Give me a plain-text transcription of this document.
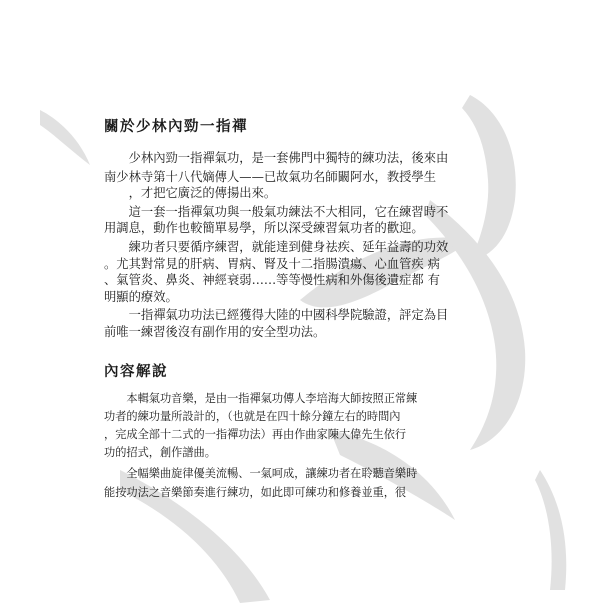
關於少林內勁一指禪
少林內勁一指禪氣功，是一套佛門中獨特的練功法，後來由
南少林寺第十八代嫡傳人——已故氣功名師闞阿水，教授學生
，才把它廣泛的傳揚出來。
這一套一指禪氣功與一般氣功練法不大相同，它在練習時不
用調息，動作也較簡單易學，所以深受練習氣功者的歡迎。
練功者只要循序練習，就能達到健身祛疾、延年益壽的功效
。尤其對常見的肝病、胃病、腎及十二指腸潰瘍、心血管疾 病
、氣管炎、鼻炎、神經衰弱……等等慢性病和外傷後遺症都 有
明顯的療效。
一指禪氣功功法已經獲得大陸的中國科學院驗證，評定為目
前唯一練習後沒有副作用的安全型功法。
內容解說
本輯氣功音樂，是由一指禪氣功傳人李培海大師按照正常練
功者的練功量所設計的，（也就是在四十餘分鐘左右的時間內
，完成全部十二式的一指禪功法）再由作曲家陳大偉先生依行
功的招式，創作譜曲。
全幅樂曲旋律優美流暢、一氣呵成，讓練功者在聆聽音樂時
能按功法之音樂節奏進行練功，如此即可練功和修養並重，很
